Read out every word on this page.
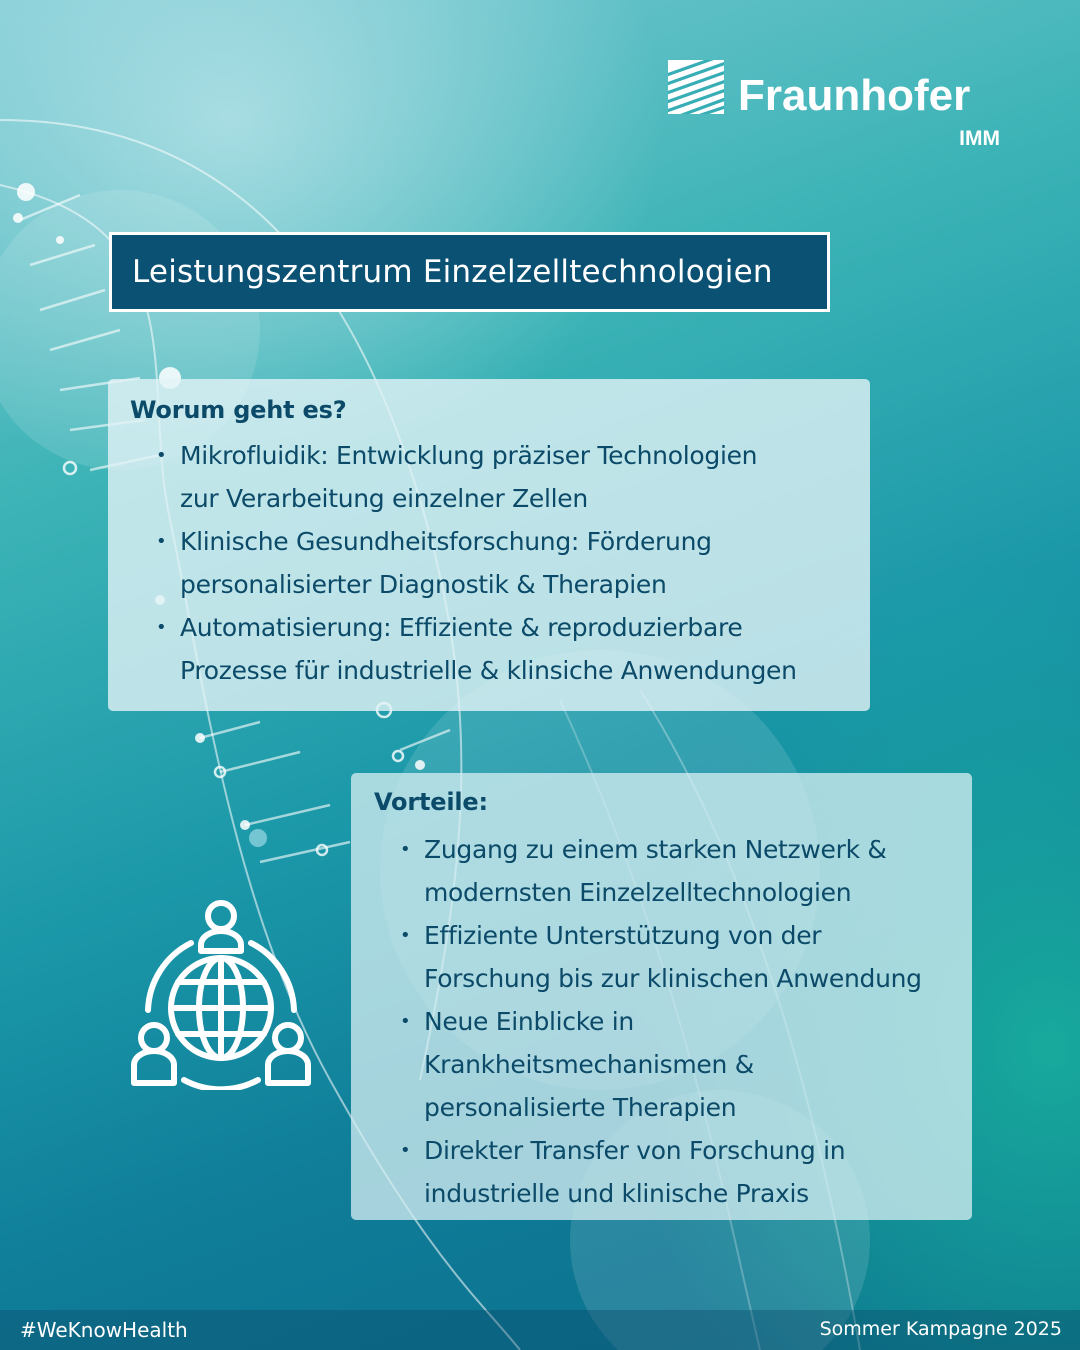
Fraunhofer

IMM

Leistungszentrum Einzelzelltechnologien
Worum geht es?
• Mikrofluidik: Entwicklung präziser Technologien
zur Verarbeitung einzelner Zellen
• Klinische Gesundheitsforschung: Förderung
personalisierter Diagnostik & Therapien
• Automatisierung: Effiziente & reproduzierbare
Prozesse für industrielle & klinsiche Anwendungen
Vorteile:
• Zugang zu einem starken Netzwerk &
modernsten Einzelzelltechnologien
• Effiziente Unterstützung von der
Forschung bis zur klinischen Anwendung
• Neue Einblicke in
Krankheitsmechanismen &
personalisierte Therapien
• Direkter Transfer von Forschung in
industrielle und klinische Praxis

#WeKnowHealth	Sommer Kampagne 2025
